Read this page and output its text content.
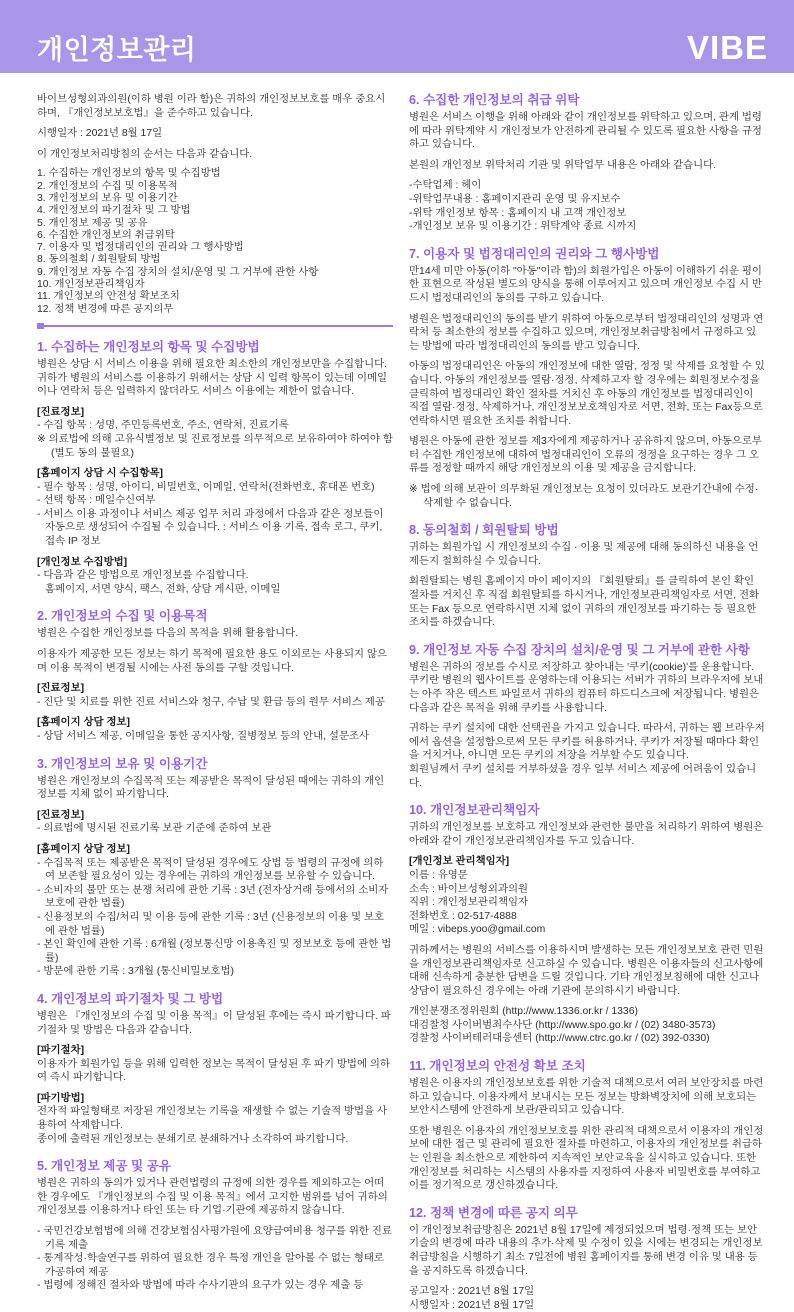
개인정보관리	VIBE
바이브성형외과의원(이하 병원 이라 함)은 귀하의 개인정보보호를 매우 중요시하며, 『개인정보보호법』을 준수하고 있습니다.
시행일자 : 2021년 8월 17일
이 개인정보처리방침의 순서는 다음과 같습니다.
1. 수집하는 개인정보의 항목 및 수집방법
2. 개인정보의 수집 및 이용목적
3. 개인정보의 보유 및 이용기간
4. 개인정보의 파기절차 및 그 방법
5. 개인정보 제공 및 공유
6. 수집한 개인정보의 취급위탁
7. 이용자 및 법정대리인의 권리와 그 행사방법
8. 동의철회 / 회원탈퇴 방법
9. 개인정보 자동 수집 장치의 설치/운영 및 그 거부에 관한 사항
10. 개인정보관리책임자
11. 개인정보의 안전성 확보조치
12. 정책 변경에 따른 공지의무
1. 수집하는 개인정보의 항목 및 수집방법
병원은 상담 시 서비스 이용을 위해 필요한 최소한의 개인정보만을 수집합니다. 귀하가 병원의 서비스를 이용하기 위해서는 상담 시 입력 항목이 있는데 이메일이나 연락처 등은 입력하지 않더라도 서비스 이용에는 제한이 없습니다.
[진료정보]
- 수집 항목 : 성명, 주민등록번호, 주소, 연락처, 진료기록
※ 의료법에 의해 고유식별정보 및 진료정보를 의무적으로 보유하여야 하여야 함(별도 동의 불필요)
[홈페이지 상담 시 수집항목]
- 필수 항목 : 성명, 아이디, 비밀번호, 이메일, 연락처(전화번호, 휴대폰 번호)
- 선택 항목 : 메일수신여부
- 서비스 이용 과정이나 서비스 제공 업무 처리 과정에서 다음과 같은 정보들이 자동으로 생성되어 수집될 수 있습니다. : 서비스 이용 기록, 접속 로그, 쿠키, 접속 IP 정보
[개인정보 수집방법]
- 다음과 같은 방법으로 개인정보를 수집합니다.
홈페이지, 서면 양식, 팩스, 전화, 상담 게시판, 이메일
2. 개인정보의 수집 및 이용목적
병원은 수집한 개인정보를 다음의 목적을 위해 활용합니다.
이용자가 제공한 모든 정보는 하기 목적에 필요한 용도 이외로는 사용되지 않으며 이용 목적이 변경될 시에는 사전 동의를 구할 것입니다.
[진료정보]
- 진단 및 치료를 위한 진료 서비스와 청구, 수납 및 환급 등의 원무 서비스 제공
[홈페이지 상담 정보]
- 상담 서비스 제공, 이메일을 통한 공지사항, 질병정보 등의 안내, 설문조사
3. 개인정보의 보유 및 이용기간
병원은 개인정보의 수집목적 또는 제공받은 목적이 달성된 때에는 귀하의 개인정보를 지체 없이 파기합니다.
[진료정보]
- 의료법에 명시된 진료기록 보관 기준에 준하여 보관
[홈페이지 상담 정보]
- 수집목적 또는 제공받은 목적이 달성된 경우에도 상법 등 법령의 규정에 의하여 보존할 필요성이 있는 경우에는 귀하의 개인정보를 보유할 수 있습니다.
- 소비자의 불만 또는 분쟁 처리에 관한 기록 : 3년 (전자상거래 등에서의 소비자보호에 관한 법률)
- 신용정보의 수집/처리 및 이용 등에 관한 기록 : 3년 (신용정보의 이용 및 보호에 관한 법률)
- 본인 확인에 관한 기록 : 6개월 (정보통신망 이용촉진 및 정보보호 등에 관한 법률)
- 방문에 관한 기록 : 3개월 (통신비밀보호법)
4. 개인정보의 파기절차 및 그 방법
병원은 『개인정보의 수집 및 이용 목적』이 달성된 후에는 즉시 파기합니다. 파기절차 및 방법은 다음과 같습니다.
[파기절차]
이용자가 회원가입 등을 위해 입력한 정보는 목적이 달성된 후 파기 방법에 의하여 즉시 파기합니다.
[파기방법]
전자적 파일형태로 저장된 개인정보는 기록을 재생할 수 없는 기술적 방법을 사용하여 삭제합니다.
종이에 출력된 개인정보는 분쇄기로 분쇄하거나 소각하여 파기합니다.
5. 개인정보 제공 및 공유
병원은 귀하의 동의가 있거나 관련법령의 규정에 의한 경우를 제외하고는 어떠한 경우에도 『개인정보의 수집 및 이용 목적』에서 고지한 범위를 넘어 귀하의 개인정보를 이용하거나 타인 또는 타 기업·기관에 제공하지 않습니다.
- 국민건강보험법에 의해 건강보험심사평가원에 요양급여비용 청구를 위한 진료기록 제출
- 통계작성·학술연구를 위하여 필요한 경우 특정 개인을 알아볼 수 없는 형태로 가공하여 제공
- 법령에 정해진 절차와 방법에 따라 수사기관의 요구가 있는 경우 제출 등
6. 수집한 개인정보의 취급 위탁
병원은 서비스 이행을 위해 아래와 같이 개인정보를 위탁하고 있으며, 관계 법령에 따라 위탁계약 시 개인정보가 안전하게 관리될 수 있도록 필요한 사항을 규정하고 있습니다.
본원의 개인정보 위탁처리 기관 및 위탁업무 내용은 아래와 같습니다.
-수탁업체 : 헤이
-위탁업무내용 : 홈페이지관리 운영 및 유지보수
-위탁 개인정보 항목 : 홈페이지 내 고객 개인정보
-개인정보 보유 및 이용기간 : 위탁계약 종료 시까지
7. 이용자 및 법정대리인의 권리와 그 행사방법
만14세 미만 아동(이하 "아동"이라 함)의 회원가입은 아동이 이해하기 쉬운 평이한 표현으로 작성된 별도의 양식을 통해 이루어지고 있으며 개인정보 수집 시 반드시 법정대리인의 동의를 구하고 있습니다.
병원은 법정대리인의 동의를 받기 위하여 아동으로부터 법정대리인의 성명과 연락처 등 최소한의 정보를 수집하고 있으며, 개인정보취급방침에서 규정하고 있는 방법에 따라 법정대리인의 동의를 받고 있습니다.
아동의 법정대리인은 아동의 개인정보에 대한 열람, 정정 및 삭제를 요청할 수 있습니다. 아동의 개인정보를 열람·정정, 삭제하고자 할 경우에는 회원정보수정을 클릭하여 법정대리인 확인 절차를 거치신 후 아동의 개인정보를 법정대리인이 직접 열람·정정, 삭제하거나, 개인정보보호책임자로 서면, 전화, 또는 Fax등으로 연락하시면 필요한 조치를 취합니다.
병원은 아동에 관한 정보를 제3자에게 제공하거나 공유하지 않으며, 아동으로부터 수집한 개인정보에 대하여 법정대리인이 오류의 정정을 요구하는 경우 그 오류를 정정할 때까지 해당 개인정보의 이용 및 제공을 금지합니다.
※ 법에 의해 보관이 의무화된 개인정보는 요청이 있더라도 보관기간내에 수정·삭제할 수 없습니다.
8. 동의철회 / 회원탈퇴 방법
귀하는 회원가입 시 개인정보의 수집 · 이용 및 제공에 대해 동의하신 내용을 언제든지 철회하실 수 있습니다.
회원탈퇴는 병원 홈페이지 마이 페이지의 『회원탈퇴』를 클릭하여 본인 확인 절차를 거치신 후 직접 회원탈퇴를 하시거나, 개인정보관리책임자로 서면, 전화 또는 Fax 등으로 연락하시면 지체 없이 귀하의 개인정보를 파기하는 등 필요한 조치를 하겠습니다.
9. 개인정보 자동 수집 장치의 설치/운영 및 그 거부에 관한 사항
병원은 귀하의 정보를 수시로 저장하고 찾아내는 '쿠키(cookie)'를 운용합니다. 쿠키란 병원의 웹사이트를 운영하는데 이용되는 서버가 귀하의 브라우저에 보내는 아주 작은 텍스트 파일로서 귀하의 컴퓨터 하드디스크에 저장됩니다. 병원은 다음과 같은 목적을 위해 쿠키를 사용합니다.
귀하는 쿠키 설치에 대한 선택권을 가지고 있습니다. 따라서, 귀하는 웹 브라우저에서 옵션을 설정함으로써 모든 쿠키를 허용하거나, 쿠키가 저장될 때마다 확인을 거치거나, 아니면 모든 쿠키의 저장을 거부할 수도 있습니다.
회원님께서 쿠키 설치를 거부하셨을 경우 일부 서비스 제공에 어려움이 있습니다.
10. 개인정보관리책임자
귀하의 개인정보를 보호하고 개인정보와 관련한 불만을 처리하기 위하여 병원은 아래와 같이 개인정보관리책임자를 두고 있습니다.
[개인정보 관리책임자]
이름 : 유영문
소속 : 바이브성형외과의원
직위 : 개인정보관리책임자
전화번호 : 02-517-4888
메일 : vibeps.yoo@gmail.com
귀하께서는 병원의 서비스를 이용하시며 발생하는 모든 개인정보보호 관련 민원을 개인정보관리책임자로 신고하실 수 있습니다. 병원은 이용자들의 신고사항에 대해 신속하게 충분한 답변을 드릴 것입니다. 기타 개인정보침해에 대한 신고나 상담이 필요하신 경우에는 아래 기관에 문의하시기 바랍니다.
개인분쟁조정위원회 (http://www.1336.or.kr / 1336)
대검찰청 사이버범죄수사단 (http://www.spo.go.kr / (02) 3480-3573)
경찰청 사이버테러대응센터 (http://www.ctrc.go.kr / (02) 392-0330)
11. 개인정보의 안전성 확보 조치
병원은 이용자의 개인정보보호를 위한 기술적 대책으로서 여러 보안장치를 마련하고 있습니다. 이용자께서 보내시는 모든 정보는 방화벽장치에 의해 보호되는 보안시스템에 안전하게 보관/관리되고 있습니다.
또한 병원은 이용자의 개인정보보호를 위한 관리적 대책으로서 이용자의 개인정보에 대한 접근 및 관리에 필요한 절차를 마련하고, 이용자의 개인정보를 취급하는 인원을 최소한으로 제한하여 지속적인 보안교육을 실시하고 있습니다. 또한 개인정보를 처리하는 시스템의 사용자를 지정하여 사용자 비밀번호를 부여하고 이를 정기적으로 갱신하겠습니다.
12. 정책 변경에 따른 공지 의무
이 개인정보취급방침은 2021년 8월 17일에 제정되었으며 법령·정책 또는 보안기술의 변경에 따라 내용의 추가·삭제 및 수정이 있을 시에는 변경되는 개인정보취급방침을 시행하기 최소 7일전에 병원 홈페이지를 통해 변경 이유 및 내용 등을 공지하도록 하겠습니다.
공고일자 : 2021년 8월 17일
시행일자 : 2021년 8월 17일
